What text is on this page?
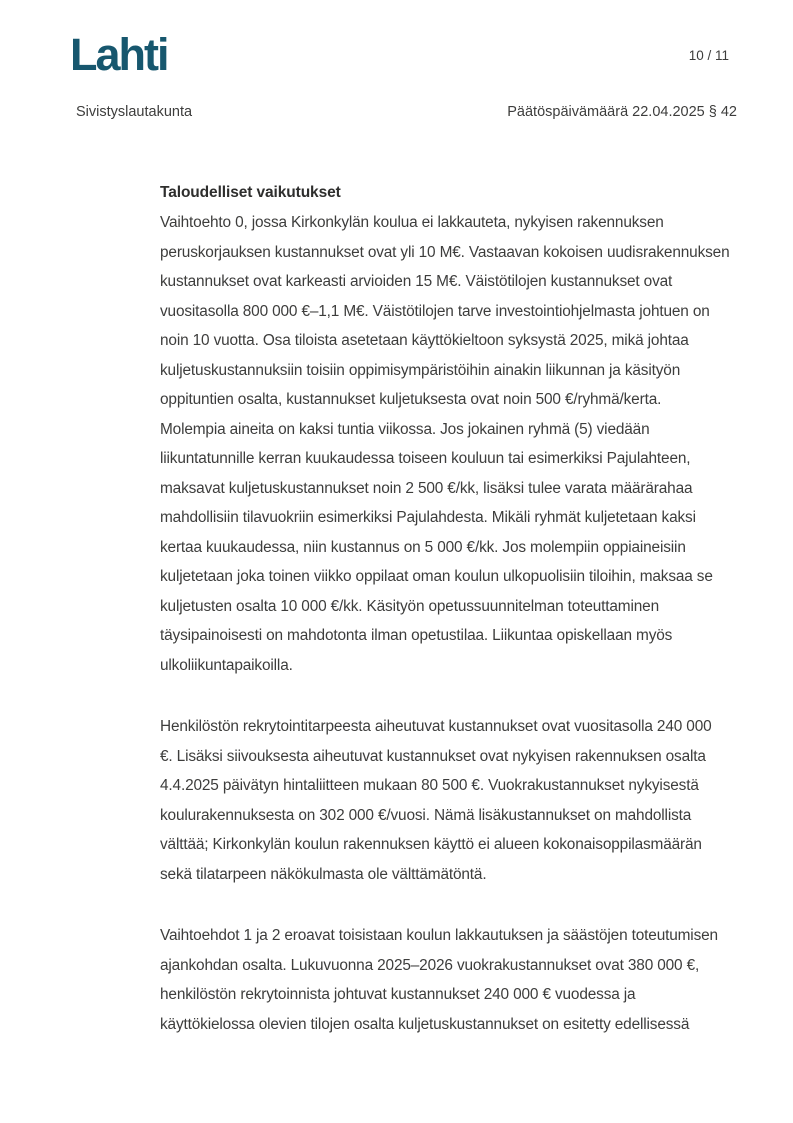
Lahti	10 / 11
Sivistyslautakunta	Päätöspäivämäärä 22.04.2025 § 42
Taloudelliset vaikutukset
Vaihtoehto 0, jossa Kirkonkylän koulua ei lakkauteta, nykyisen rakennuksen
peruskorjauksen kustannukset ovat yli 10 M€. Vastaavan kokoisen uudisrakennuksen
kustannukset ovat karkeasti arvioiden 15 M€. Väistötilojen kustannukset ovat
vuositasolla 800 000 €–1,1 M€. Väistötilojen tarve investointiohjelmasta johtuen on
noin 10 vuotta. Osa tiloista asetetaan käyttökieltoon syksystä 2025, mikä johtaa
kuljetuskustannuksiin toisiin oppimisympäristöihin ainakin liikunnan ja käsityön
oppituntien osalta, kustannukset kuljetuksesta ovat noin 500 €/ryhmä/kerta.
Molempia aineita on kaksi tuntia viikossa. Jos jokainen ryhmä (5) viedään
liikuntatunnille kerran kuukaudessa toiseen kouluun tai esimerkiksi Pajulahteen,
maksavat kuljetuskustannukset noin 2 500 €/kk, lisäksi tulee varata määrärahaa
mahdollisiin tilavuokriin esimerkiksi Pajulahdesta. Mikäli ryhmät kuljetetaan kaksi
kertaa kuukaudessa, niin kustannus on 5 000 €/kk. Jos molempiin oppiaineisiin
kuljetetaan joka toinen viikko oppilaat oman koulun ulkopuolisiin tiloihin, maksaa se
kuljetusten osalta 10 000 €/kk. Käsityön opetussuunnitelman toteuttaminen
täysipainoisesti on mahdotonta ilman opetustilaa. Liikuntaa opiskellaan myös
ulkoliikuntapaikoilla.
Henkilöstön rekrytointitarpeesta aiheutuvat kustannukset ovat vuositasolla 240 000
€. Lisäksi siivouksesta aiheutuvat kustannukset ovat nykyisen rakennuksen osalta
4.4.2025 päivätyn hintaliitteen mukaan 80 500 €. Vuokrakustannukset nykyisestä
koulurakennuksesta on 302 000 €/vuosi. Nämä lisäkustannukset on mahdollista
välttää; Kirkonkylän koulun rakennuksen käyttö ei alueen kokonaisoppilasmäärän
sekä tilatarpeen näkökulmasta ole välttämätöntä.
Vaihtoehdot 1 ja 2 eroavat toisistaan koulun lakkautuksen ja säästöjen toteutumisen
ajankohdan osalta. Lukuvuonna 2025–2026 vuokrakustannukset ovat 380 000 €,
henkilöstön rekrytoinnista johtuvat kustannukset 240 000 € vuodessa ja
käyttökielossa olevien tilojen osalta kuljetuskustannukset on esitetty edellisessä
